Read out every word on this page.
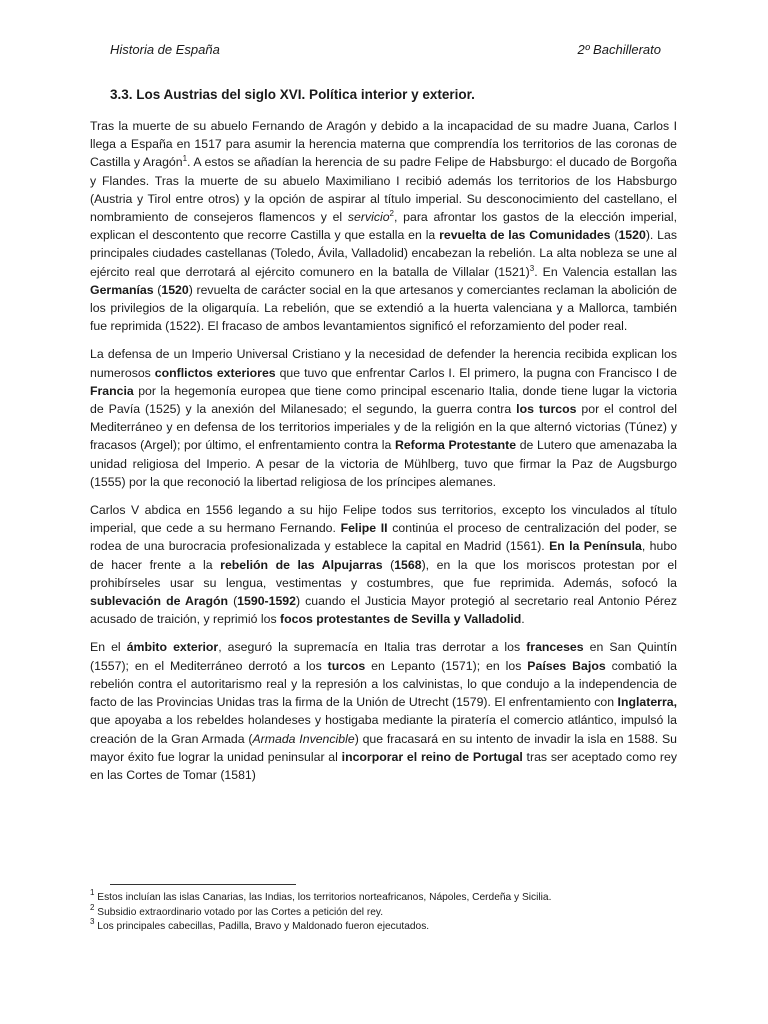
Historia de España	2º Bachillerato
3.3. Los Austrias del siglo XVI. Política interior y exterior.

Tras la muerte de su abuelo Fernando de Aragón y debido a la incapacidad de su madre Juana, Carlos I llega a España en 1517 para asumir la herencia materna que comprendía los territorios de las coronas de Castilla y Aragón$^1$. A estos se añadían la herencia de su padre Felipe de Habsburgo: el ducado de Borgoña y Flandes. Tras la muerte de su abuelo Maximiliano I recibió además los territorios de los Habsburgo (Austria y Tirol entre otros) y la opción de aspirar al título imperial. Su desconocimiento del castellano, el nombramiento de consejeros flamencos y el servicio$^2$, para afrontar los gastos de la elección imperial, explican el descontento que recorre Castilla y que estalla en la revuelta de las Comunidades (1520). Las principales ciudades castellanas (Toledo, Ávila, Valladolid) encabezan la rebelión. La alta nobleza se une al ejército real que derrotará al ejército comunero en la batalla de Villalar $(1521)^3$. En Valencia estallan las Germanías (1520) revuelta de carácter social en la que artesanos y comerciantes reclaman la abolición de los privilegios de la oligarquía. La rebelión, que se extendió a la huerta valenciana y a Mallorca, también fue reprimida (1522). El fracaso de ambos levantamientos significó el reforzamiento del poder real.

La defensa de un Imperio Universal Cristiano y la necesidad de defender la herencia recibida explican los numerosos conflictos exteriores que tuvo que enfrentar Carlos I. El primero, la pugna con Francisco I de Francia por la hegemonía europea que tiene como principal escenario Italia, donde tiene lugar la victoria de Pavía (1525) y la anexión del Milanesado; el segundo, la guerra contra los turcos por el control del Mediterráneo y en defensa de los territorios imperiales y de la religión en la que alternó victorias (Túnez) y fracasos (Argel); por último, el enfrentamiento contra la Reforma Protestante de Lutero que amenazaba la unidad religiosa del Imperio. A pesar de la victoria de Mühlberg, tuvo que firmar la Paz de Augsburgo (1555) por la que reconoció la libertad religiosa de los príncipes alemanes.

Carlos V abdica en 1556 legando a su hijo Felipe todos sus territorios, excepto los vinculados al título imperial, que cede a su hermano Fernando. Felipe II continúa el proceso de centralización del poder, se rodea de una burocracia profesionalizada y establece la capital en Madrid (1561). En la Península, hubo de hacer frente a la rebelión de las Alpujarras (1568), en la que los moriscos protestan por el prohibírseles usar su lengua, vestimentas y costumbres, que fue reprimida. Además, sofocó la sublevación de Aragón (1590-1592) cuando el Justicia Mayor protegió al secretario real Antonio Pérez acusado de traición, y reprimió los focos protestantes de Sevilla y Valladolid.

En el ámbito exterior, aseguró la supremacía en Italia tras derrotar a los franceses en San Quintín (1557); en el Mediterráneo derrotó a los turcos en Lepanto (1571); en los Países Bajos combatió la rebelión contra el autoritarismo real y la represión a los calvinistas, lo que condujo a la independencia de facto de las Provincias Unidas tras la firma de la Unión de Utrecht (1579). El enfrentamiento con Inglaterra, que apoyaba a los rebeldes holandeses y hostigaba mediante la piratería el comercio atlántico, impulsó la creación de la Gran Armada (Armada Invencible) que fracasará en su intento de invadir la isla en 1588. Su mayor éxito fue lograr la unidad peninsular al incorporar el reino de Portugal tras ser aceptado como rey en las Cortes de Tomar (1581)

$^1$ Estos incluían las islas Canarias, las Indias, los territorios norteafricanos, Nápoles, Cerdeña y Sicilia.
$^2$ Subsidio extraordinario votado por las Cortes a petición del rey.
$^3$ Los principales cabecillas, Padilla, Bravo y Maldonado fueron ejecutados.
